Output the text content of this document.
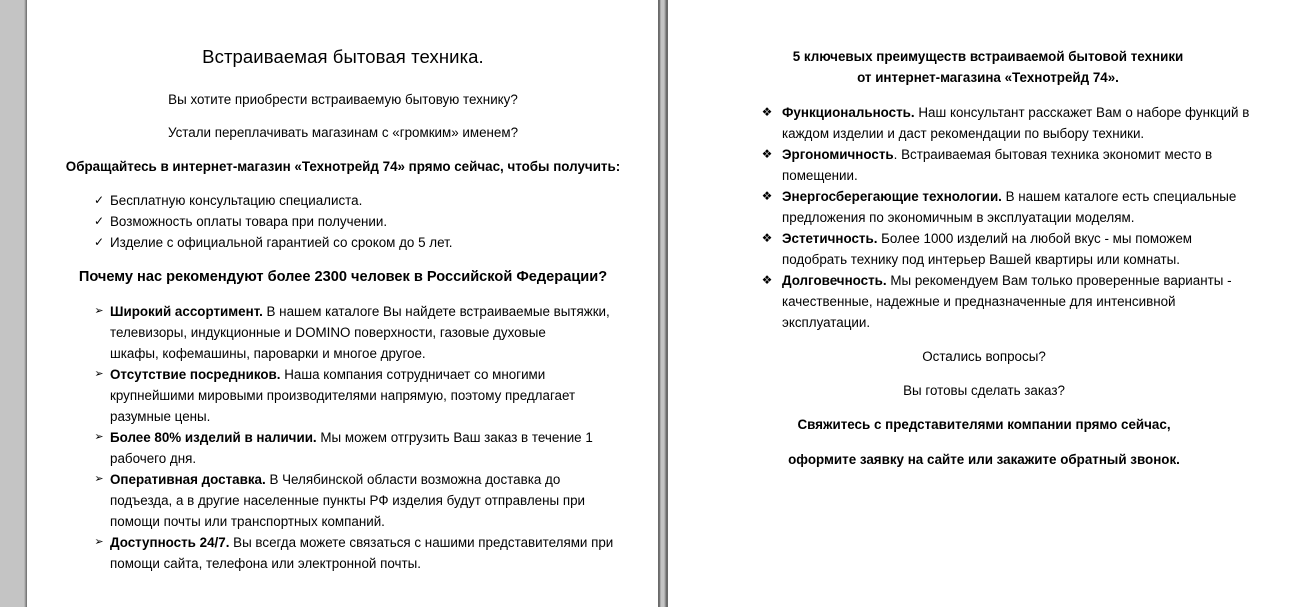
Встраиваемая бытовая техника.
Вы хотите приобрести встраиваемую бытовую технику?
Устали переплачивать магазинам с «громким» именем?
Обращайтесь в интернет-магазин «Технотрейд 74» прямо сейчас, чтобы получить:
✓ Бесплатную консультацию специалиста.
✓ Возможность оплаты товара при получении.
✓ Изделие с официальной гарантией со сроком до 5 лет.
Почему нас рекомендуют более 2300 человек в Российской Федерации?
➢ Широкий ассортимент. В нашем каталоге Вы найдете встраиваемые вытяжки,
телевизоры, индукционные и DOMINO поверхности, газовые духовые
шкафы, кофемашины, пароварки и многое другое.
➢ Отсутствие посредников. Наша компания сотрудничает со многими
крупнейшими мировыми производителями напрямую, поэтому предлагает
разумные цены.
➢ Более 80% изделий в наличии. Мы можем отгрузить Ваш заказ в течение 1
рабочего дня.
➢ Оперативная доставка. В Челябинской области возможна доставка до
подъезда, а в другие населенные пункты РФ изделия будут отправлены при
помощи почты или транспортных компаний.
➢ Доступность 24/7. Вы всегда можете связаться с нашими представителями при
помощи сайта, телефона или электронной почты.
5 ключевых преимуществ встраиваемой бытовой техники
от интернет-магазина «Технотрейд 74».
❖ Функциональность. Наш консультант расскажет Вам о наборе функций в
каждом изделии и даст рекомендации по выбору техники.
❖ Эргономичность. Встраиваемая бытовая техника экономит место в
помещении.
❖ Энергосберегающие технологии. В нашем каталоге есть специальные
предложения по экономичным в эксплуатации моделям.
❖ Эстетичность. Более 1000 изделий на любой вкус - мы поможем
подобрать технику под интерьер Вашей квартиры или комнаты.
❖ Долговечность. Мы рекомендуем Вам только проверенные варианты -
качественные, надежные и предназначенные для интенсивной
эксплуатации.
Остались вопросы?
Вы готовы сделать заказ?
Свяжитесь с представителями компании прямо сейчас,
оформите заявку на сайте или закажите обратный звонок.
